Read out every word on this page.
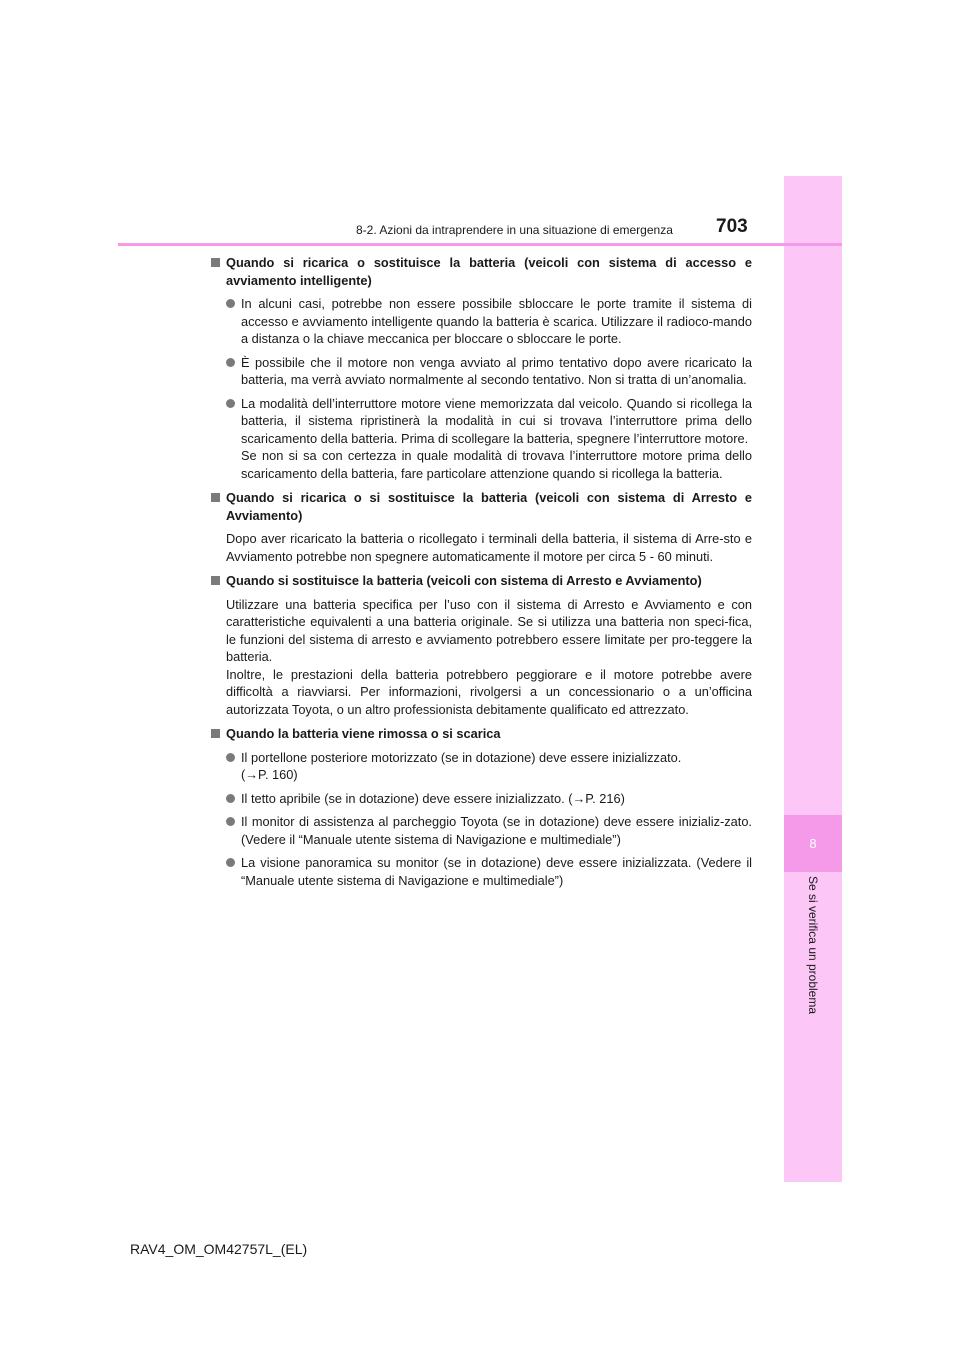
8
Se si verifica un problema
8-2. Azioni da intraprendere in una situazione di emergenza 703
Quando si ricarica o sostituisce la batteria (veicoli con sistema di accesso e avviamento intelligente)
In alcuni casi, potrebbe non essere possibile sbloccare le porte tramite il sistema di accesso e avviamento intelligente quando la batteria è scarica. Utilizzare il radioco-mando a distanza o la chiave meccanica per bloccare o sbloccare le porte.
È possibile che il motore non venga avviato al primo tentativo dopo avere ricaricato la batteria, ma verrà avviato normalmente al secondo tentativo. Non si tratta di un’anomalia.
La modalità dell’interruttore motore viene memorizzata dal veicolo. Quando si ricollega la batteria, il sistema ripristinerà la modalità in cui si trovava l’interruttore prima dello scaricamento della batteria. Prima di scollegare la batteria, spegnere l’interruttore motore.
Se non si sa con certezza in quale modalità di trovava l’interruttore motore prima dello scaricamento della batteria, fare particolare attenzione quando si ricollega la batteria.
Quando si ricarica o si sostituisce la batteria (veicoli con sistema di Arresto e Avviamento)
Dopo aver ricaricato la batteria o ricollegato i terminali della batteria, il sistema di Arre-sto e Avviamento potrebbe non spegnere automaticamente il motore per circa 5 - 60 minuti.
Quando si sostituisce la batteria (veicoli con sistema di Arresto e Avviamento)
Utilizzare una batteria specifica per l’uso con il sistema di Arresto e Avviamento e con caratteristiche equivalenti a una batteria originale. Se si utilizza una batteria non speci-fica, le funzioni del sistema di arresto e avviamento potrebbero essere limitate per pro-teggere la batteria.
Inoltre, le prestazioni della batteria potrebbero peggiorare e il motore potrebbe avere difficoltà a riavviarsi. Per informazioni, rivolgersi a un concessionario o a un’officina autorizzata Toyota, o un altro professionista debitamente qualificato ed attrezzato.
Quando la batteria viene rimossa o si scarica
Il portellone posteriore motorizzato (se in dotazione) deve essere inizializzato.
(→P. 160)
Il tetto apribile (se in dotazione) deve essere inizializzato. (→P. 216)
Il monitor di assistenza al parcheggio Toyota (se in dotazione) deve essere inizializ-zato. (Vedere il “Manuale utente sistema di Navigazione e multimediale”)
La visione panoramica su monitor (se in dotazione) deve essere inizializzata. (Vedere il “Manuale utente sistema di Navigazione e multimediale”)
RAV4_OM_OM42757L_(EL)
